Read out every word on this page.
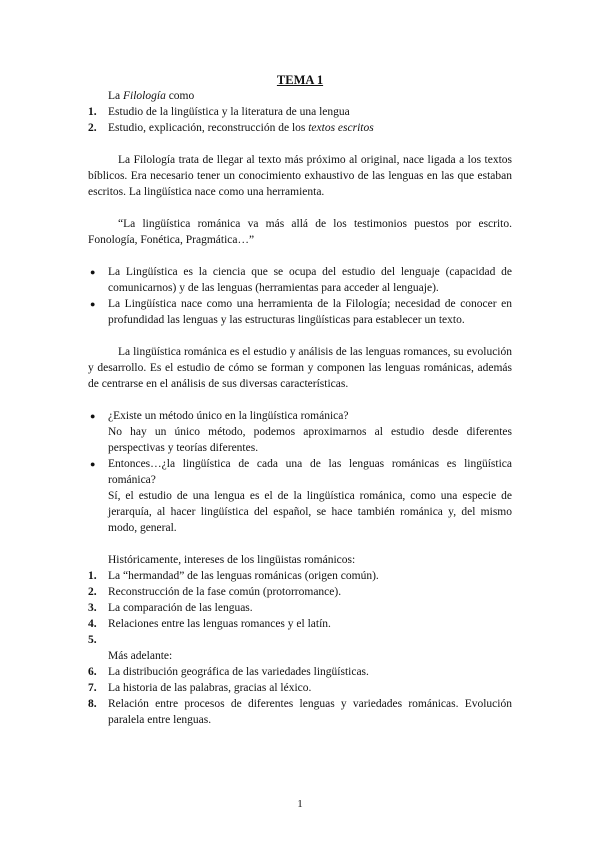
TEMA 1
La Filología como
1. Estudio de la lingüística y la literatura de una lengua
2. Estudio, explicación, reconstrucción de los textos escritos
La Filología trata de llegar al texto más próximo al original, nace ligada a los textos bíblicos. Era necesario tener un conocimiento exhaustivo de las lenguas en las que estaban escritos. La lingüística nace como una herramienta.
“La lingüística románica va más allá de los testimonios puestos por escrito. Fonología, Fonética, Pragmática…”
● La Lingüística es la ciencia que se ocupa del estudio del lenguaje (capacidad de comunicarnos) y de las lenguas (herramientas para acceder al lenguaje).
● La Lingüística nace como una herramienta de la Filología; necesidad de conocer en profundidad las lenguas y las estructuras lingüísticas para establecer un texto.
La lingüística románica es el estudio y análisis de las lenguas romances, su evolución y desarrollo. Es el estudio de cómo se forman y componen las lenguas románicas, además de centrarse en el análisis de sus diversas características.
● ¿Existe un método único en la lingüística románica?
No hay un único método, podemos aproximarnos al estudio desde diferentes perspectivas y teorías diferentes.
● Entonces…¿la lingüística de cada una de las lenguas románicas es lingüística románica?
Sí, el estudio de una lengua es el de la lingüística románica, como una especie de jerarquía, al hacer lingüística del español, se hace también románica y, del mismo modo, general.
Históricamente, intereses de los lingüistas románicos:
1. La “hermandad” de las lenguas románicas (origen común).
2. Reconstrucción de la fase común (protorromance).
3. La comparación de las lenguas.
4. Relaciones entre las lenguas romances y el latín.
5.
Más adelante:
6. La distribución geográfica de las variedades lingüísticas.
7. La historia de las palabras, gracias al léxico.
8. Relación entre procesos de diferentes lenguas y variedades románicas. Evolución paralela entre lenguas.
1
